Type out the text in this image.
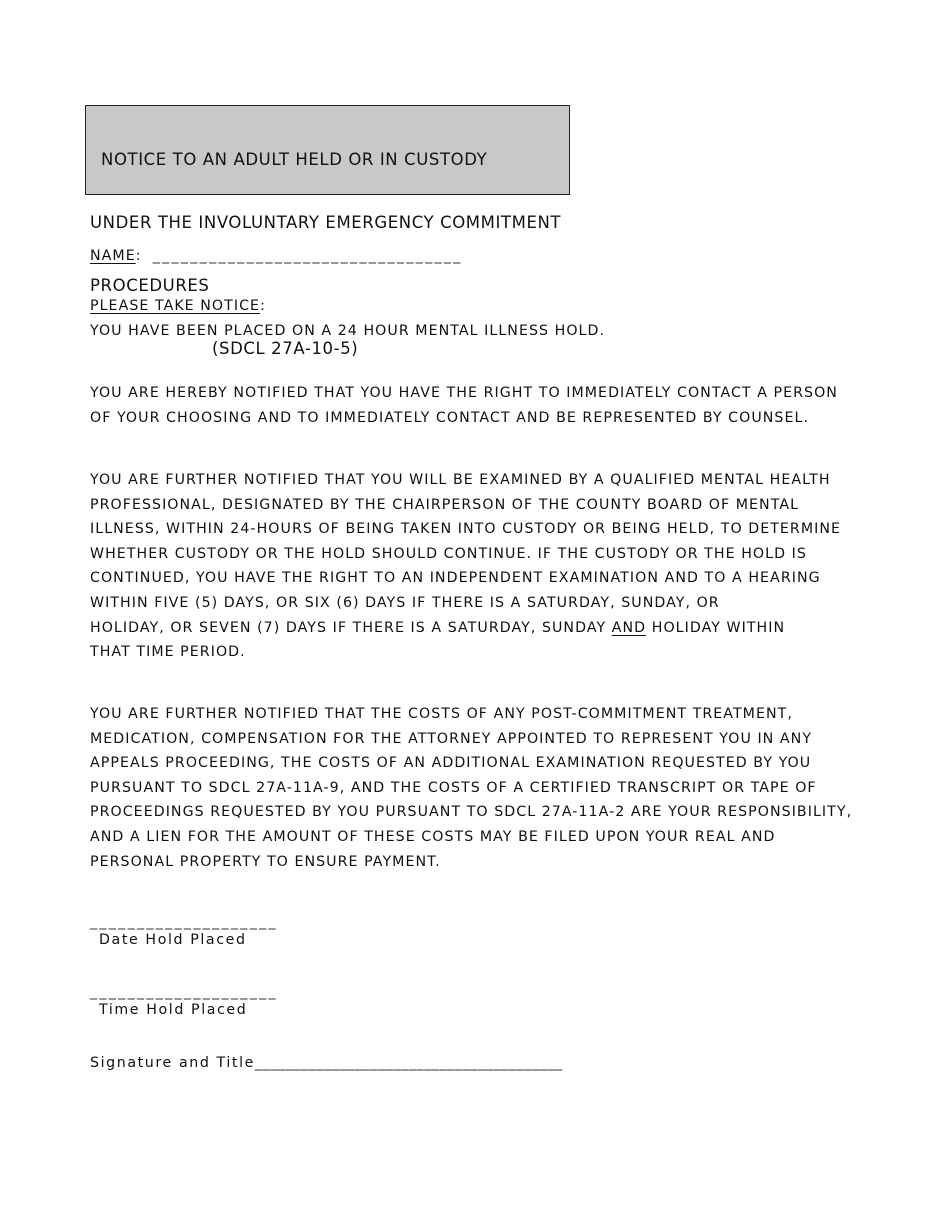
NOTICE TO AN ADULT HELD OR IN CUSTODY

UNDER THE INVOLUNTARY EMERGENCY COMMITMENT

PROCEDURES

(SDCL 27A-10-5)

NAME: _________________________________
PLEASE TAKE NOTICE:
YOU HAVE BEEN PLACED ON A 24 HOUR MENTAL ILLNESS HOLD.
YOU ARE HEREBY NOTIFIED THAT YOU HAVE THE RIGHT TO IMMEDIATELY CONTACT A PERSON
OF YOUR CHOOSING AND TO IMMEDIATELY CONTACT AND BE REPRESENTED BY COUNSEL.
YOU ARE FURTHER NOTIFIED THAT YOU WILL BE EXAMINED BY A QUALIFIED MENTAL HEALTH
PROFESSIONAL, DESIGNATED BY THE CHAIRPERSON OF THE COUNTY BOARD OF MENTAL
ILLNESS, WITHIN 24-HOURS OF BEING TAKEN INTO CUSTODY OR BEING HELD, TO DETERMINE
WHETHER CUSTODY OR THE HOLD SHOULD CONTINUE. IF THE CUSTODY OR THE HOLD IS
CONTINUED, YOU HAVE THE RIGHT TO AN INDEPENDENT EXAMINATION AND TO A HEARING
WITHIN FIVE (5) DAYS, OR SIX (6) DAYS IF THERE IS A SATURDAY, SUNDAY, OR
HOLIDAY, OR SEVEN (7) DAYS IF THERE IS A SATURDAY, SUNDAY AND HOLIDAY WITHIN
THAT TIME PERIOD.
YOU ARE FURTHER NOTIFIED THAT THE COSTS OF ANY POST-COMMITMENT TREATMENT,
MEDICATION, COMPENSATION FOR THE ATTORNEY APPOINTED TO REPRESENT YOU IN ANY
APPEALS PROCEEDING, THE COSTS OF AN ADDITIONAL EXAMINATION REQUESTED BY YOU
PURSUANT TO SDCL 27A-11A-9, AND THE COSTS OF A CERTIFIED TRANSCRIPT OR TAPE OF
PROCEEDINGS REQUESTED BY YOU PURSUANT TO SDCL 27A-11A-2 ARE YOUR RESPONSIBILITY,
AND A LIEN FOR THE AMOUNT OF THESE COSTS MAY BE FILED UPON YOUR REAL AND
PERSONAL PROPERTY TO ENSURE PAYMENT.
____________________
Date Hold Placed
____________________
Time Hold Placed
Signature and Title________________________________________
